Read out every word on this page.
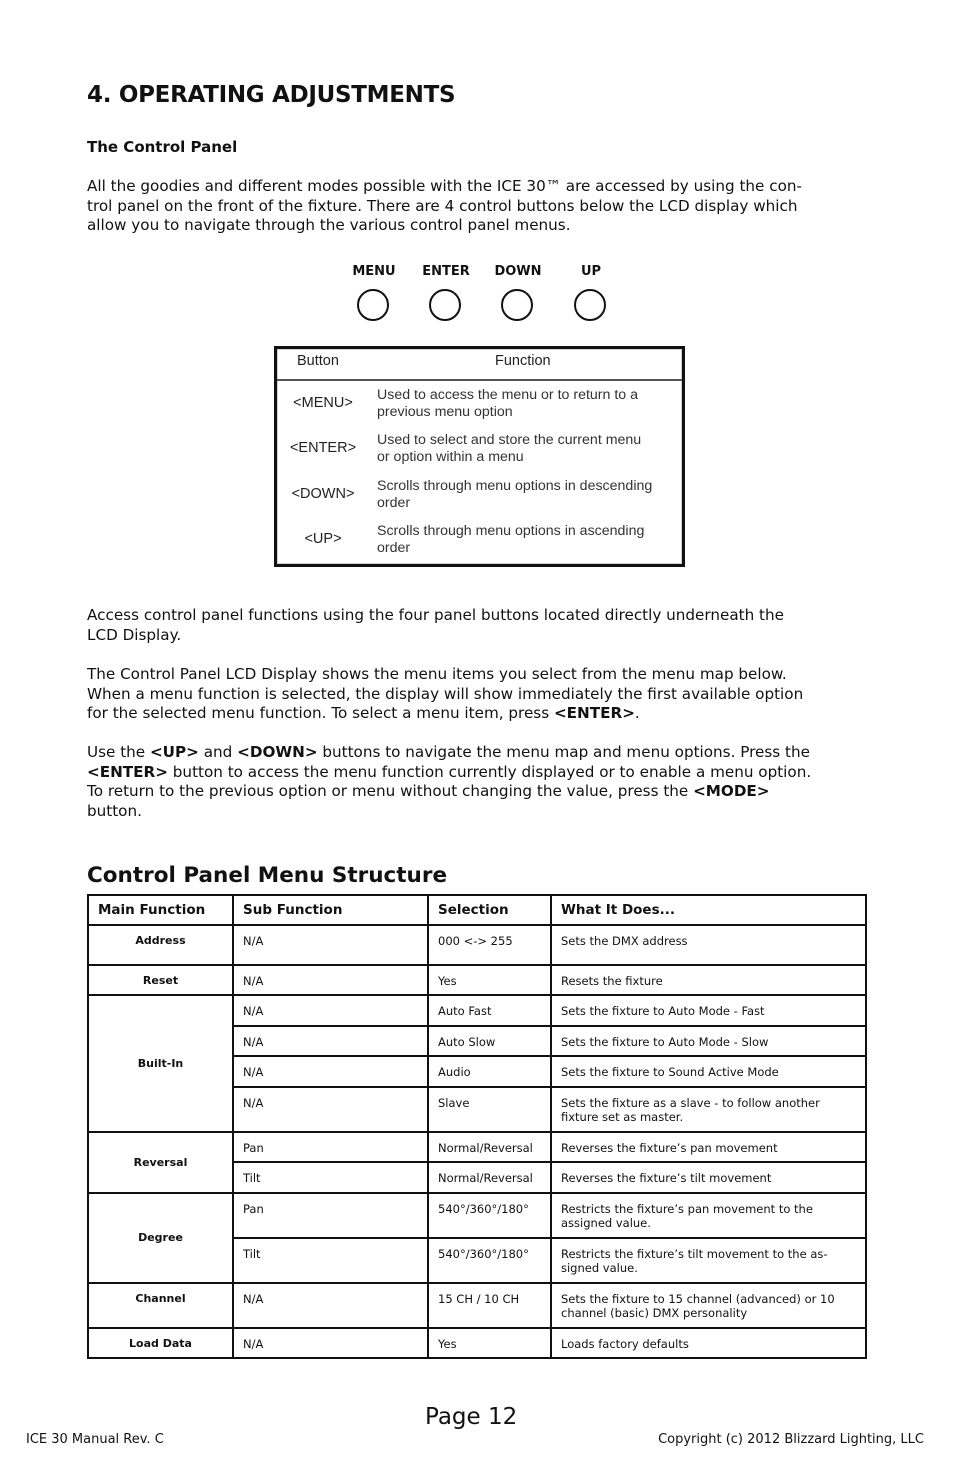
4. OPERATING ADJUSTMENTS
The Control Panel
All the goodies and different modes possible with the ICE 30™ are accessed by using the con-
trol panel on the front of the fixture. There are 4 control buttons below the LCD display which
allow you to navigate through the various control panel menus.
MENU	ENTER	DOWN	UP
Button	Function
<MENU>	Used to access the menu or to return to a
previous menu option
<ENTER>	Used to select and store the current menu
or option within a menu
<DOWN>	Scrolls through menu options in descending
order
<UP>	Scrolls through menu options in ascending
order
Access control panel functions using the four panel buttons located directly underneath the
LCD Display.
The Control Panel LCD Display shows the menu items you select from the menu map below.
When a menu function is selected, the display will show immediately the first available option
for the selected menu function. To select a menu item, press <ENTER>.
Use the <UP> and <DOWN> buttons to navigate the menu map and menu options. Press the
<ENTER> button to access the menu function currently displayed or to enable a menu option.
To return to the previous option or menu without changing the value, press the <MODE>
button.
Control Panel Menu Structure
Main Function	Sub Function	Selection	What It Does...
Address	N/A	000 <-> 255	Sets the DMX address
Reset	N/A	Yes	Resets the fixture
Built-In	N/A	Auto Fast	Sets the fixture to Auto Mode - Fast
	N/A	Auto Slow	Sets the fixture to Auto Mode - Slow
	N/A	Audio	Sets the fixture to Sound Active Mode
	N/A	Slave	Sets the fixture as a slave - to follow another
fixture set as master.

Reversal	Pan	Normal/Reversal	Reverses the fixture’s pan movement
	Tilt	Normal/Reversal	Reverses the fixture’s tilt movement
Degree	Pan	540°/360°/180°	Restricts the fixture’s pan movement to the
assigned value.

	Tilt	540°/360°/180°	Restricts the fixture’s tilt movement to the as-
signed value.

Channel	N/A	15 CH / 10 CH	Sets the fixture to 15 channel (advanced) or 10
channel (basic) DMX personality

Load Data	N/A	Yes	Loads factory defaults
Page 12
ICE 30 Manual Rev. C	Copyright (c) 2012 Blizzard Lighting, LLC
